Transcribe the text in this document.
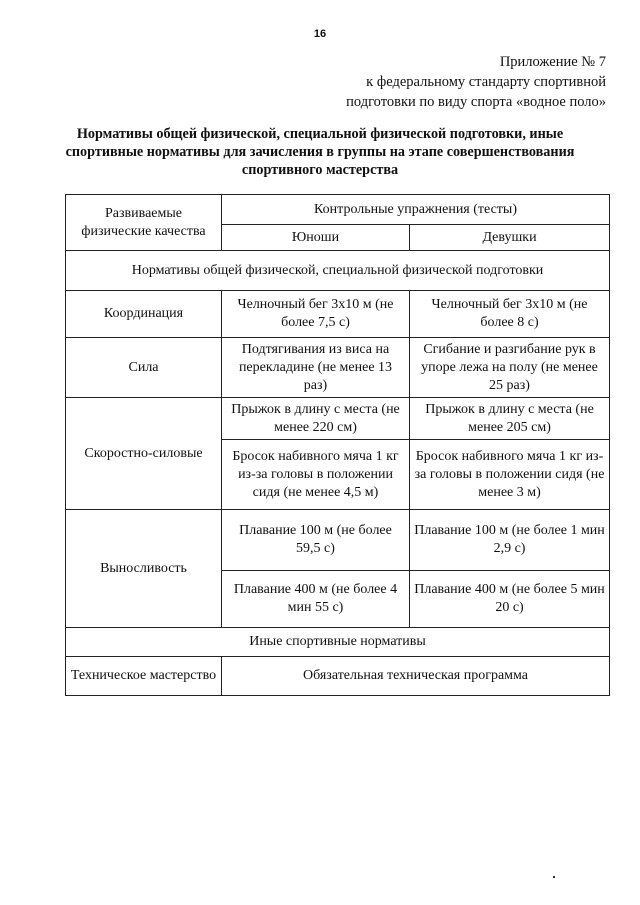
16
Приложение № 7
к федеральному стандарту спортивной
подготовки по виду спорта «водное поло»
Нормативы общей физической, специальной физической подготовки, иные
спортивные нормативы для зачисления в группы на этапе совершенствования
спортивного мастерства
Развиваемые физические качества	Контрольные упражнения (тесты)	
	Юноши	Девушки
Нормативы общей физической, специальной физической подготовки		
Координация	Челночный бег 3х10 м (не более 7,5 с)	Челночный бег 3х10 м (не более 8 с)
Сила	Подтягивания из виса на перекладине (не менее 13 раз)	Сгибание и разгибание рук в упоре лежа на полу (не менее 25 раз)
Скоростно-силовые	Прыжок в длину с места (не менее 220 см)	Прыжок в длину с места (не менее 205 см)
	Бросок набивного мяча 1 кг из-за головы в положении сидя (не менее 4,5 м)	Бросок набивного мяча 1 кг из-за головы в положении сидя (не менее 3 м)
Выносливость	Плавание 100 м (не более 59,5 с)	Плавание 100 м (не более 1 мин 2,9 с)
	Плавание 400 м (не более 4 мин 55 с)	Плавание 400 м (не более 5 мин 20 с)
Иные спортивные нормативы		
Техническое мастерство	Обязательная техническая программа	
